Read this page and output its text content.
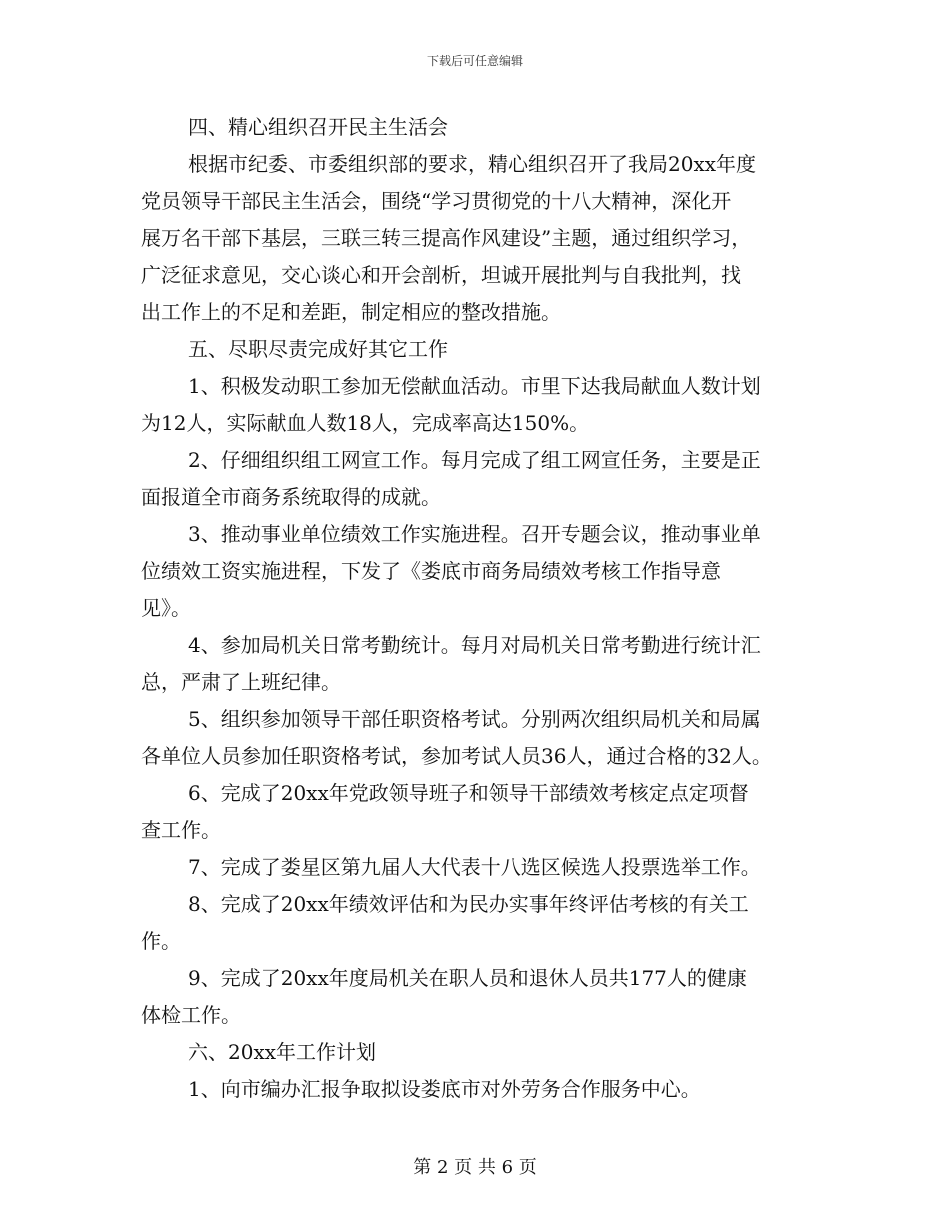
下载后可任意编辑
四、精心组织召开民主生活会
根据市纪委、市委组织部的要求，精心组织召开了我局20xx年度
党员领导干部民主生活会，围绕“学习贯彻党的十八大精神，深化开
展万名干部下基层，三联三转三提高作风建设”主题，通过组织学习，
广泛征求意见，交心谈心和开会剖析，坦诚开展批判与自我批判，找
出工作上的不足和差距，制定相应的整改措施。
五、尽职尽责完成好其它工作
1、积极发动职工参加无偿献血活动。市里下达我局献血人数计划
为12人，实际献血人数18人，完成率高达150%。
2、仔细组织组工网宣工作。每月完成了组工网宣任务，主要是正
面报道全市商务系统取得的成就。
3、推动事业单位绩效工作实施进程。召开专题会议，推动事业单
位绩效工资实施进程，下发了《娄底市商务局绩效考核工作指导意
见》。
4、参加局机关日常考勤统计。每月对局机关日常考勤进行统计汇
总，严肃了上班纪律。
5、组织参加领导干部任职资格考试。分别两次组织局机关和局属
各单位人员参加任职资格考试，参加考试人员36人，通过合格的32人。
6、完成了20xx年党政领导班子和领导干部绩效考核定点定项督
查工作。
7、完成了娄星区第九届人大代表十八选区候选人投票选举工作。
8、完成了20xx年绩效评估和为民办实事年终评估考核的有关工
作。
9、完成了20xx年度局机关在职人员和退休人员共177人的健康
体检工作。
六、20xx年工作计划
1、向市编办汇报争取拟设娄底市对外劳务合作服务中心。
第 2 页 共 6 页
